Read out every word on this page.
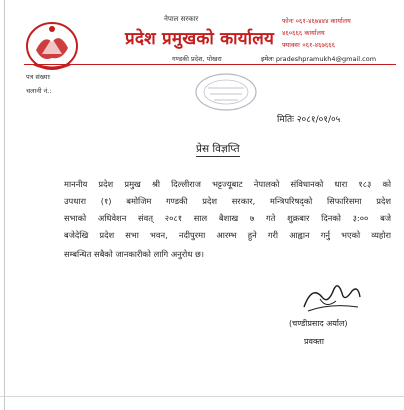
नेपाल सरकार
प्रदेश प्रमुखको कार्यालय
गण्डकी प्रदेश, पोखरा
फोनः ०६१-४६७४४४ कार्यालय
४६०६६६ कार्यालय
फ्याक्सः ०६१-४६७६६६
इमेलः pradeshpramukh4@gmail.com
पत्र संख्याः
चलानी नं.:
मितिः २०८१/०१/०५
प्रेस विज्ञप्ति
माननीय प्रदेश प्रमुख श्री दिल्लीराज भट्टज्यूबाट नेपालको संविधानको धारा १८३ को
उपधारा (१) बमोजिम गण्डकी प्रदेश सरकार, मन्त्रिपरिषद्को सिफारिसमा प्रदेश
सभाको अधिवेशन संवत् २०८१ साल बैशाख ७ गते शुक्रबार दिनको ३:०० बजे
बजेदेखि प्रदेश सभा भवन, नदीपुरमा आरम्भ हुने गरी आह्वान गर्नु भएको व्यहोरा
सम्बन्धित सबैको जानकारीको लागि अनुरोध छ।
(चण्डीप्रसाद अर्याल)
प्रवक्ता
